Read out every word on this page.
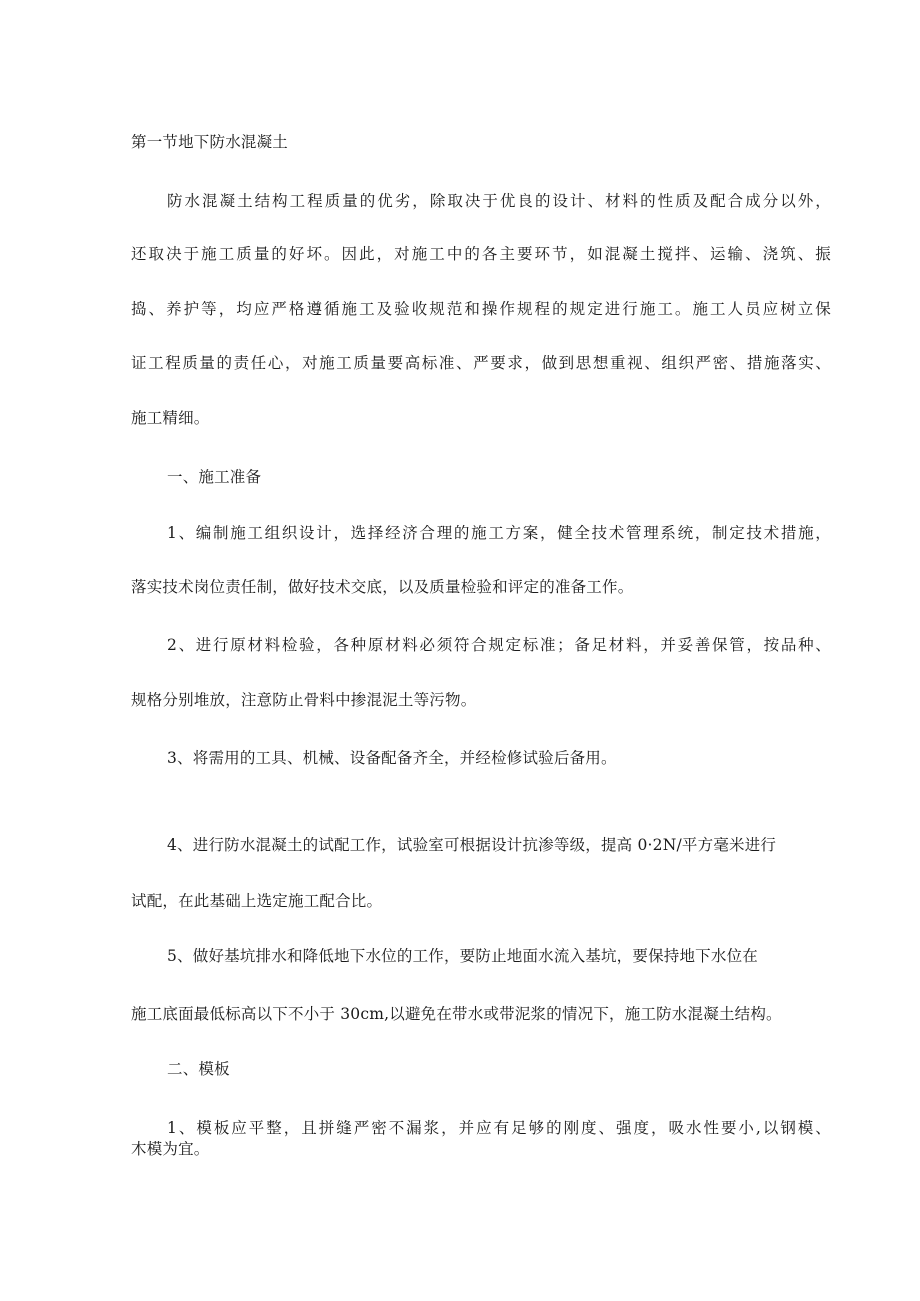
第一节地下防水混凝土
防水混凝土结构工程质量的优劣，除取决于优良的设计、材料的性质及配合成分以外，
还取决于施工质量的好坏。因此，对施工中的各主要环节，如混凝土搅拌、运输、浇筑、振
捣、养护等，均应严格遵循施工及验收规范和操作规程的规定进行施工。施工人员应树立保
证工程质量的责任心，对施工质量要高标准、严要求，做到思想重视、组织严密、措施落实、
施工精细。
一、施工准备
1、编制施工组织设计，选择经济合理的施工方案，健全技术管理系统，制定技术措施，
落实技术岗位责任制，做好技术交底，以及质量检验和评定的准备工作。
2、进行原材料检验，各种原材料必须符合规定标准；备足材料，并妥善保管，按品种、
规格分别堆放，注意防止骨料中掺混泥土等污物。
3、将需用的工具、机械、设备配备齐全，并经检修试验后备用。
4、进行防水混凝土的试配工作，试验室可根据设计抗渗等级，提高 0·2N/平方毫米进行
试配，在此基础上选定施工配合比。
5、做好基坑排水和降低地下水位的工作，要防止地面水流入基坑，要保持地下水位在
施工底面最低标高以下不小于 30cm,以避免在带水或带泥浆的情况下，施工防水混凝土结构。
二、模板
1、模板应平整，且拼缝严密不漏浆，并应有足够的刚度、强度，吸水性要小,以钢模、
木模为宜。
